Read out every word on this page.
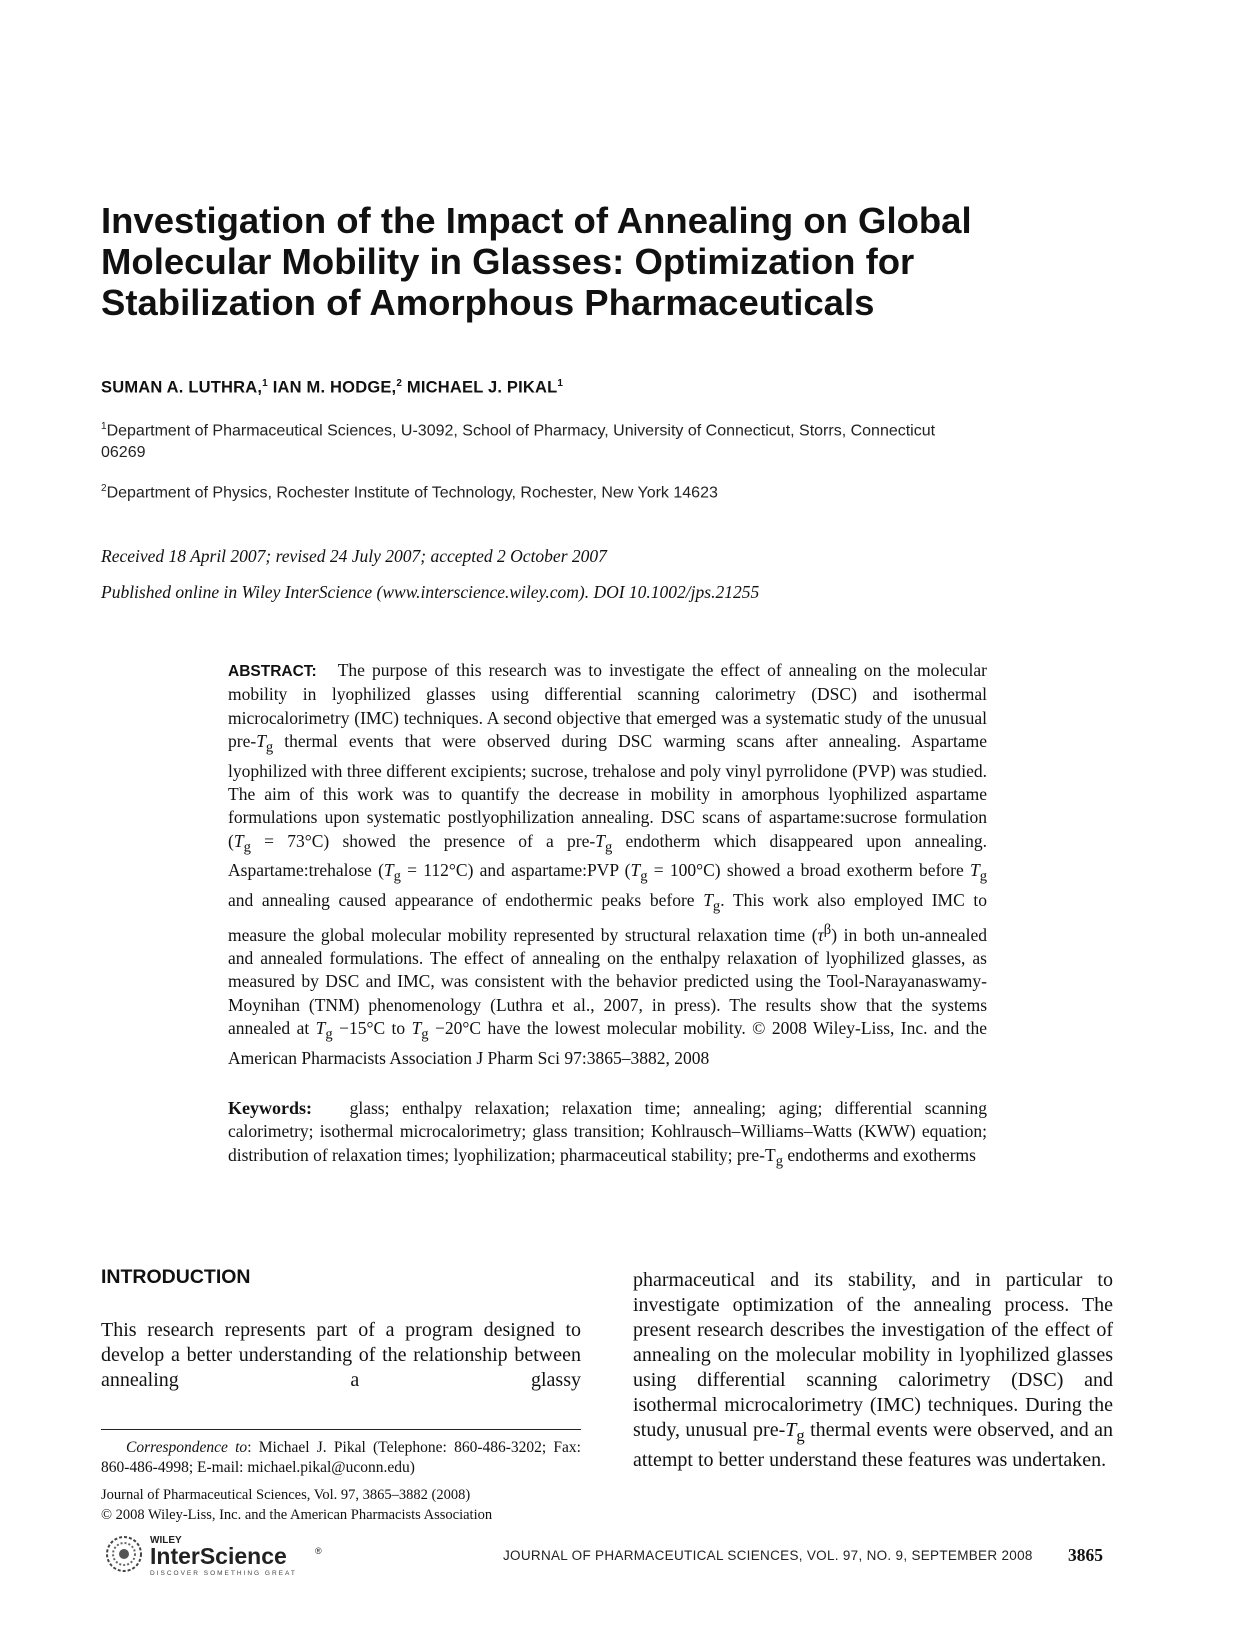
Investigation of the Impact of Annealing on Global Molecular Mobility in Glasses: Optimization for Stabilization of Amorphous Pharmaceuticals
SUMAN A. LUTHRA,$^1$ IAN M. HODGE,$^2$ MICHAEL J. PIKAL$^1$
$^1$Department of Pharmaceutical Sciences, U-3092, School of Pharmacy, University of Connecticut, Storrs, Connecticut 06269
$^2$Department of Physics, Rochester Institute of Technology, Rochester, New York 14623
Received 18 April 2007; revised 24 July 2007; accepted 2 October 2007
Published online in Wiley InterScience (www.interscience.wiley.com). DOI 10.1002/jps.21255
ABSTRACT: The purpose of this research was to investigate the effect of annealing on the molecular mobility in lyophilized glasses using differential scanning calorimetry (DSC) and isothermal microcalorimetry (IMC) techniques. A second objective that emerged was a systematic study of the unusual pre-$T_g$ thermal events that were observed during DSC warming scans after annealing. Aspartame lyophilized with three different excipients; sucrose, trehalose and poly vinyl pyrrolidone (PVP) was studied. The aim of this work was to quantify the decrease in mobility in amorphous lyophilized aspartame formulations upon systematic postlyophilization annealing. DSC scans of aspartame:sucrose formulation $(T_g = 73^\circ C)$ showed the presence of a pre-$T_g$ endotherm which disappeared upon annealing. Aspartame:trehalose $(T_g = 112^\circ C)$ and aspartame:PVP $(T_g = 100^\circ C)$ showed a broad exotherm before $T_g$ and annealing caused appearance of endothermic peaks before $T_g$. This work also employed IMC to measure the global molecular mobility represented by structural relaxation time $(\tau^\beta)$ in both un-annealed and annealed formulations. The effect of annealing on the enthalpy relaxation of lyophilized glasses, as measured by DSC and IMC, was consistent with the behavior predicted using the Tool-Narayanaswamy-Moynihan (TNM) phenomenology (Luthra et al., 2007, in press). The results show that the systems annealed at $T_g -15^\circ C$ to $T_g -20^\circ C$ have the lowest molecular mobility. © 2008 Wiley-Liss, Inc. and the American Pharmacists Association J Pharm Sci 97:3865–3882, 2008
Keywords: glass; enthalpy relaxation; relaxation time; annealing; aging; differential scanning calorimetry; isothermal microcalorimetry; glass transition; Kohlrausch–Williams–Watts (KWW) equation; distribution of relaxation times; lyophilization; pharmaceutical stability; pre-$T_g$ endotherms and exotherms
INTRODUCTION
This research represents part of a program designed to develop a better understanding of the relationship between annealing a glassy
Correspondence to: Michael J. Pikal (Telephone: 860-486-3202; Fax: 860-486-4998; E-mail: michael.pikal@uconn.edu)
Journal of Pharmaceutical Sciences, Vol. 97, 3865–3882 (2008)
© 2008 Wiley-Liss, Inc. and the American Pharmacists Association
pharmaceutical and its stability, and in particular to investigate optimization of the annealing process. The present research describes the investigation of the effect of annealing on the molecular mobility in lyophilized glasses using differential scanning calorimetry (DSC) and isothermal microcalorimetry (IMC) techniques. During the study, unusual pre-$T_g$ thermal events were observed, and an attempt to better understand these features was undertaken.
WILEY
InterScience	®
DISCOVER SOMETHING GREAT
JOURNAL OF PHARMACEUTICAL SCIENCES, VOL. 97, NO. 9, SEPTEMBER 2008 3865
